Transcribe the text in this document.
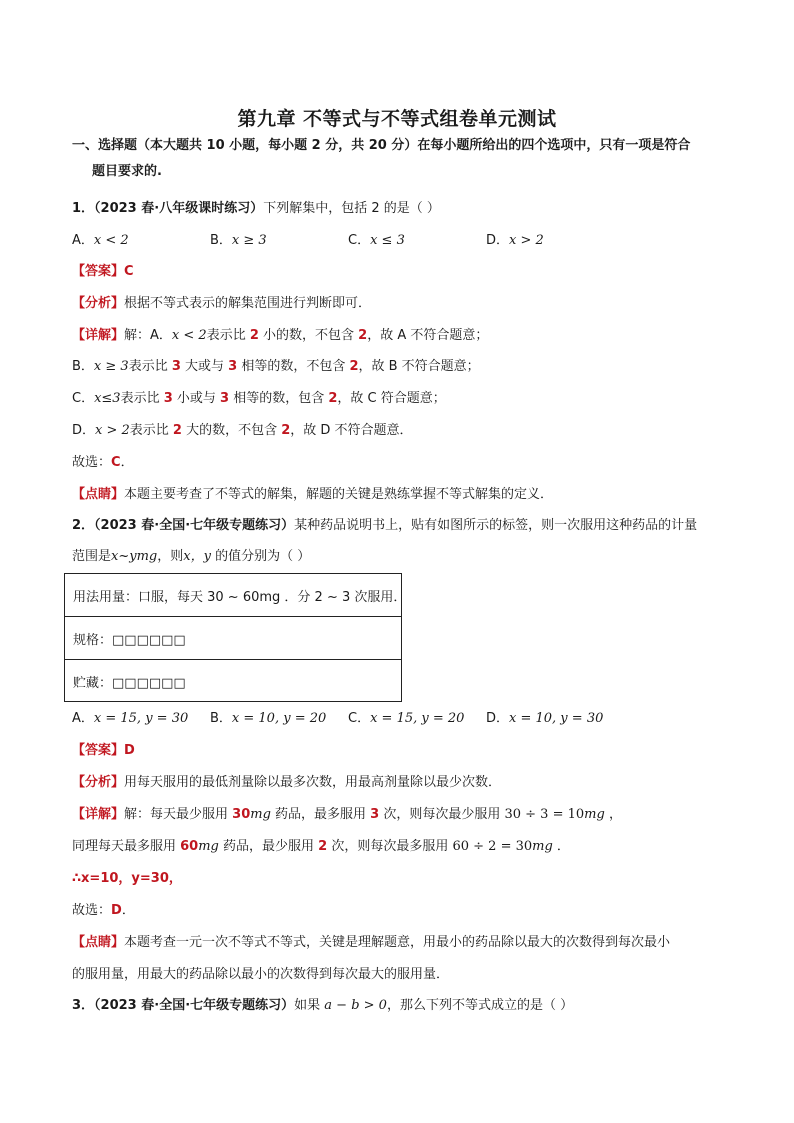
第九章 不等式与不等式组卷单元测试
一、选择题（本大题共 10 小题，每小题 2 分，共 20 分）在每小题所给出的四个选项中，只有一项是符合
题目要求的.
1．（2023 春·八年级课时练习）下列解集中，包括 2 的是（ ）
A．x < 2	B．x ≥ 3	C．x ≤ 3	D．x > 2
【答案】C
【分析】根据不等式表示的解集范围进行判断即可．
【详解】解：A．x < 2表示比 2 小的数，不包含 2，故 A 不符合题意；
B．x ≥ 3表示比 3 大或与 3 相等的数，不包含 2，故 B 不符合题意；
C．x≤3表示比 3 小或与 3 相等的数，包含 2，故 C 符合题意；
D．x > 2表示比 2 大的数，不包含 2，故 D 不符合题意．
故选：C．
【点睛】本题主要考查了不等式的解集，解题的关键是熟练掌握不等式解集的定义．
2．（2023 春·全国·七年级专题练习）某种药品说明书上，贴有如图所示的标签，则一次服用这种药品的计量
范围是x~ymg，则x，y 的值分别为（ ）
用法用量：口服，每天 30 ~ 60mg ．分 2 ~ 3 次服用．
规格：□□□□□□
贮藏：□□□□□□
A．x = 15, y = 30 B．x = 10, y = 20 C．x = 15, y = 20 D．x = 10, y = 30
【答案】D
【分析】用每天服用的最低剂量除以最多次数，用最高剂量除以最少次数．
【详解】解：每天最少服用 30mg 药品，最多服用 3 次，则每次最少服用 30 ÷ 3 = 10mg ，
同理每天最多服用 60mg 药品，最少服用 2 次，则每次最多服用 60 ÷ 2 = 30mg ．
∴x=10，y=30，
故选：D．
【点睛】本题考查一元一次不等式不等式，关键是理解题意，用最小的药品除以最大的次数得到每次最小
的服用量，用最大的药品除以最小的次数得到每次最大的服用量．
3．（2023 春·全国·七年级专题练习）如果 a − b > 0，那么下列不等式成立的是（ ）
